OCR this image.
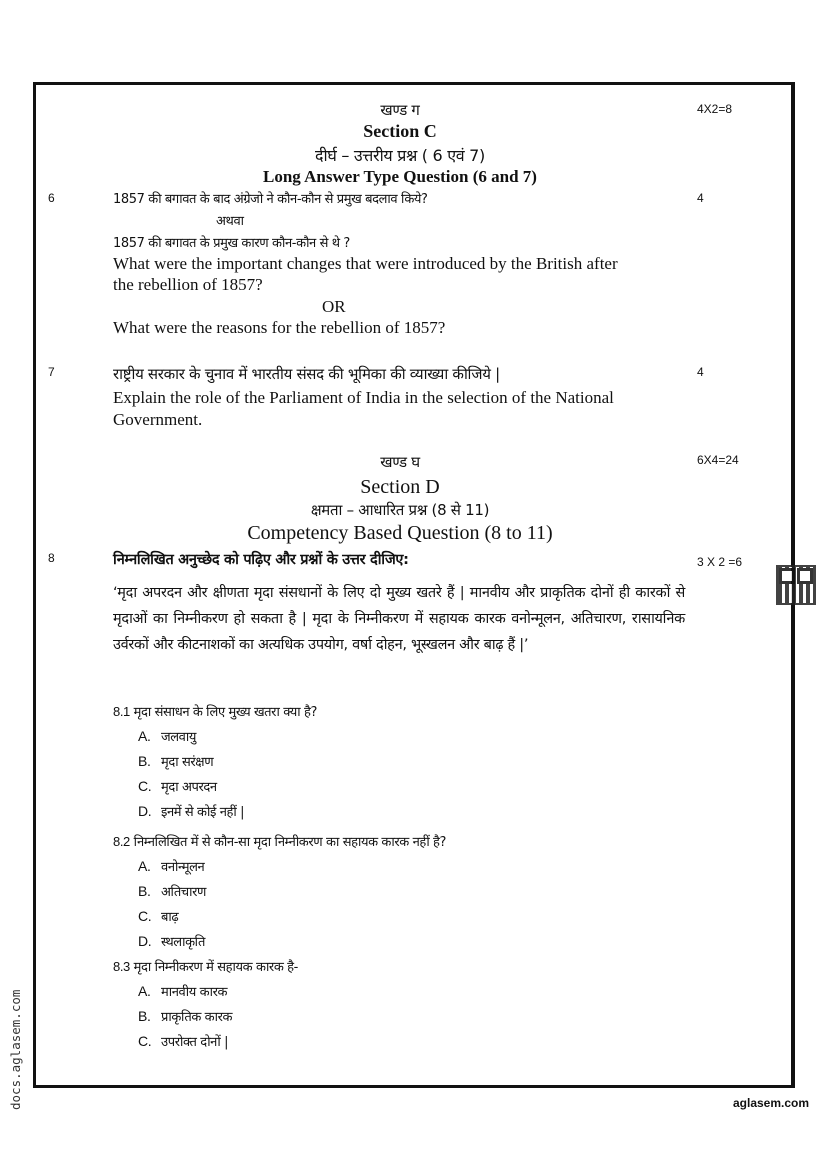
खण्ड ग	4X2=8
Section C
दीर्घ – उत्तरीय प्रश्न ( 6 एवं 7)
Long Answer Type Question (6 and 7)
6	4
1857 की बगावत के बाद अंग्रेजो ने कौन-कौन से प्रमुख बदलाव किये?
अथवा
1857 की बगावत के प्रमुख कारण कौन-कौन से थे ?
What were the important changes that were introduced by the British after
the rebellion of 1857?
OR
What were the reasons for the rebellion of 1857?
7	4
राष्ट्रीय सरकार के चुनाव में भारतीय संसद की भूमिका की व्याख्या कीजिये |
Explain the role of the Parliament of India in the selection of the National
Government.
खण्ड घ	6X4=24
Section D
क्षमता – आधारित प्रश्न (8 से 11)
Competency Based Question (8 to 11)
8	3 X 2 =6
निम्नलिखित अनुच्छेद को पढ़िए और प्रश्नों के उत्तर दीजिए:
‘मृदा अपरदन और क्षीणता मृदा संसधानों के लिए दो मुख्य खतरे हैं | मानवीय और प्राकृतिक दोनों ही कारकों से मृदाओं का निम्नीकरण हो सकता है | मृदा के निम्नीकरण में सहायक कारक वनोन्मूलन, अतिचारण, रासायनिक उर्वरकों और कीटनाशकों का अत्यधिक उपयोग, वर्षा दोहन, भूस्खलन और बाढ़ हैं |’
8.1 मृदा संसाधन के लिए मुख्य खतरा क्या है?
A. जलवायु
B. मृदा सरंक्षण
C. मृदा अपरदन
D. इनमें से कोई नहीं |
8.2 निम्नलिखित में से कौन-सा मृदा निम्नीकरण का सहायक कारक नहीं है?
A. वनोन्मूलन
B. अतिचारण
C. बाढ़
D. स्थलाकृति
8.3 मृदा निम्नीकरण में सहायक कारक है-
A. मानवीय कारक
B. प्राकृतिक कारक
C. उपरोक्त दोनों |
docs.aglasem.com	aglasem.com
